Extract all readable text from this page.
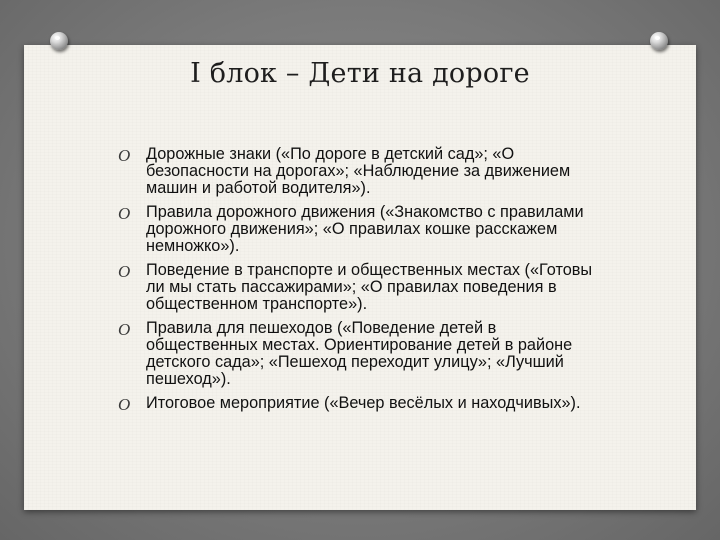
I блок – Дети на дороге
O Дорожные знаки («По дороге в детский сад»; «О безопасности на дорогах»; «Наблюдение за движением машин и работой водителя»).
O Правила дорожного движения («Знакомство с правилами дорожного движения»; «О правилах кошке расскажем немножко»).
O Поведение в транспорте и общественных местах («Готовы ли мы стать пассажирами»; «О правилах поведения в общественном транспорте»).
O Правила для пешеходов («Поведение детей в общественных местах. Ориентирование детей в районе детского сада»; «Пешеход переходит улицу»; «Лучший пешеход»).
O Итоговое мероприятие («Вечер весёлых и находчивых»).
